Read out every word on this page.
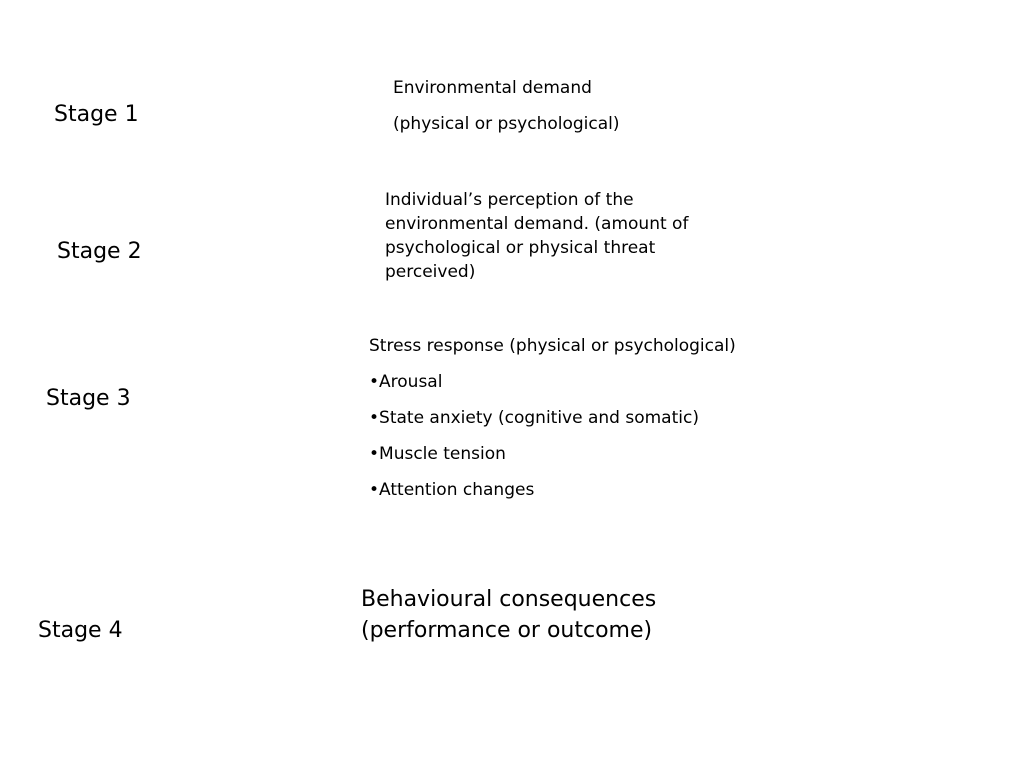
Stage 1
Stage 2
Stage 3
Stage 4

Environmental demand

(physical or psychological)

Individual’s perception of the environmental demand. (amount of psychological or physical threat perceived)

Stress response (physical or psychological)

•Arousal

•State anxiety (cognitive and somatic)

•Muscle tension

•Attention changes

Behavioural consequences
(performance or outcome)
